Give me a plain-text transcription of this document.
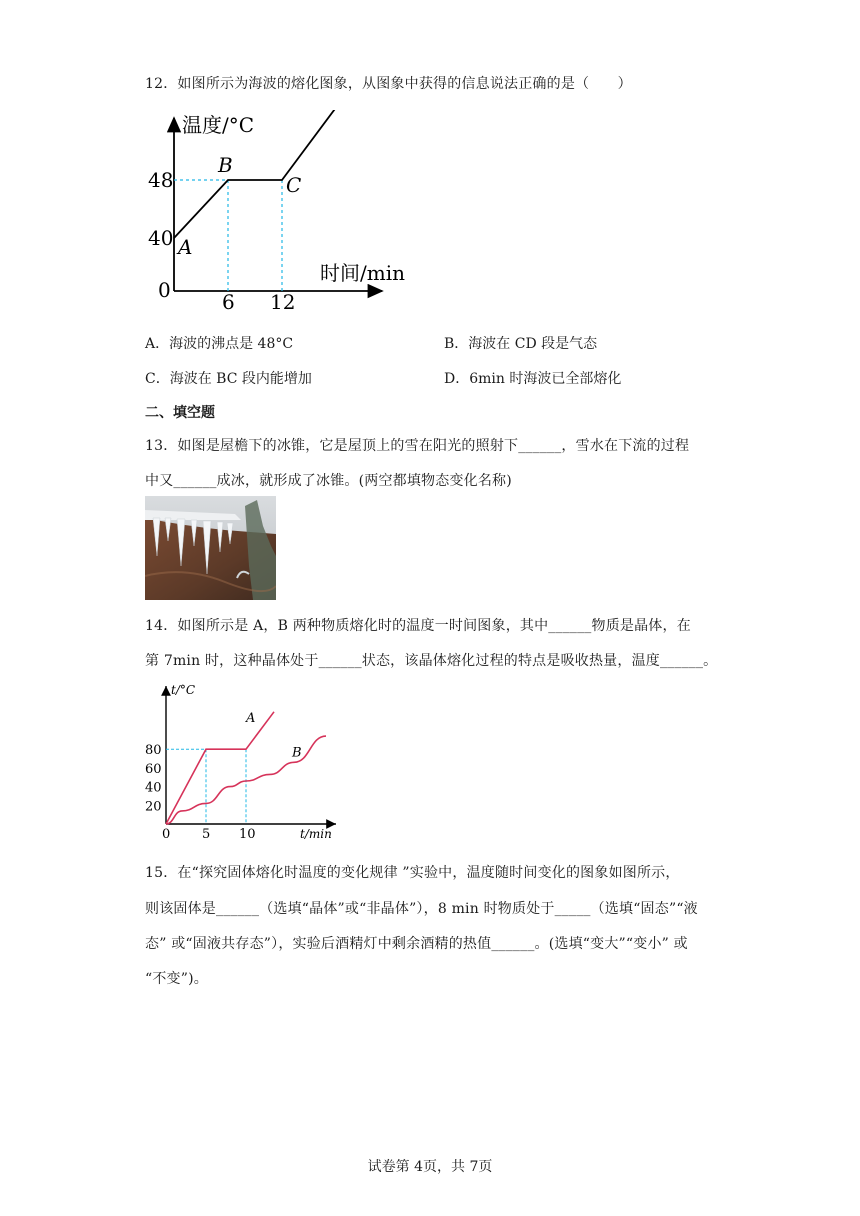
12．如图所示为海波的熔化图象，从图象中获得的信息说法正确的是（　　）
温度/°C
时间/min
A
B
C
40
48
0	6 12
A．海波的沸点是 48°C	B．海波在 CD 段是气态
C．海波在 BC 段内能增加	D．6min 时海波已全部熔化
二、填空题
13．如图是屋檐下的冰锥，它是屋顶上的雪在阳光的照射下______，雪水在下流的过程
中又______成冰，就形成了冰锥。(两空都填物态变化名称)
14．如图所示是 A，B 两种物质熔化时的温度一时间图象，其中______物质是晶体，在
第 7min 时，这种晶体处于______状态，该晶体熔化过程的特点是吸收热量，温度______。
t/°C
t/min
A
B
20
40
60
80
0 5 10
15．在“探究固体熔化时温度的变化规律 ”实验中，温度随时间变化的图象如图所示，
则该固体是______（选填“晶体”或“非晶体”），8 min 时物质处于_____（选填“固态”“液
态” 或“固液共存态”），实验后酒精灯中剩余酒精的热值______。(选填“变大”“变小” 或
“不变”)。
试卷第 4页，共 7页
